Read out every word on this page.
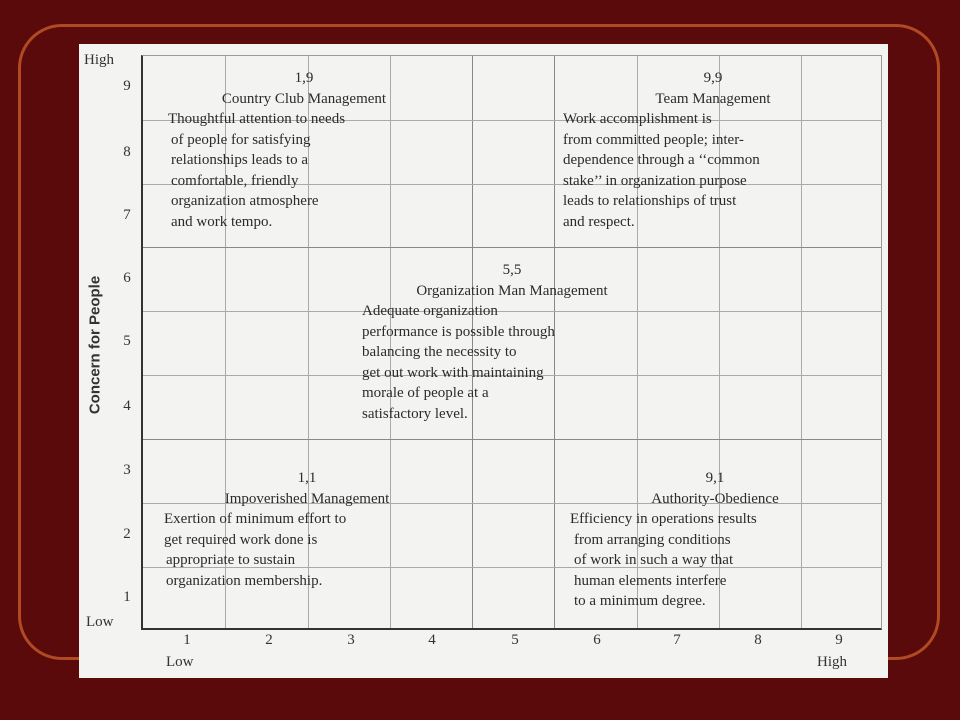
High
Low
Low	High
Concern for People
9
8
7
6
5
4
3
2
1
1	2	3	4	5	6	7	8	9
1,9
Country Club Management
Thoughtful attention to needs
of people for satisfying
relationships leads to a
comfortable, friendly
organization atmosphere
and work tempo.
9,9
Team Management
Work accomplishment is
from committed people; inter-
dependence through a ‘‘common
stake’’ in organization purpose
leads to relationships of trust
and respect.
5,5
Organization Man Management
Adequate organization
performance is possible through
balancing the necessity to
get out work with maintaining
morale of people at a
satisfactory level.
1,1
Impoverished Management
Exertion of minimum effort to
get required work done is
appropriate to sustain
organization membership.
9,1
Authority-Obedience
Efficiency in operations results
from arranging conditions
of work in such a way that
human elements interfere
to a minimum degree.
